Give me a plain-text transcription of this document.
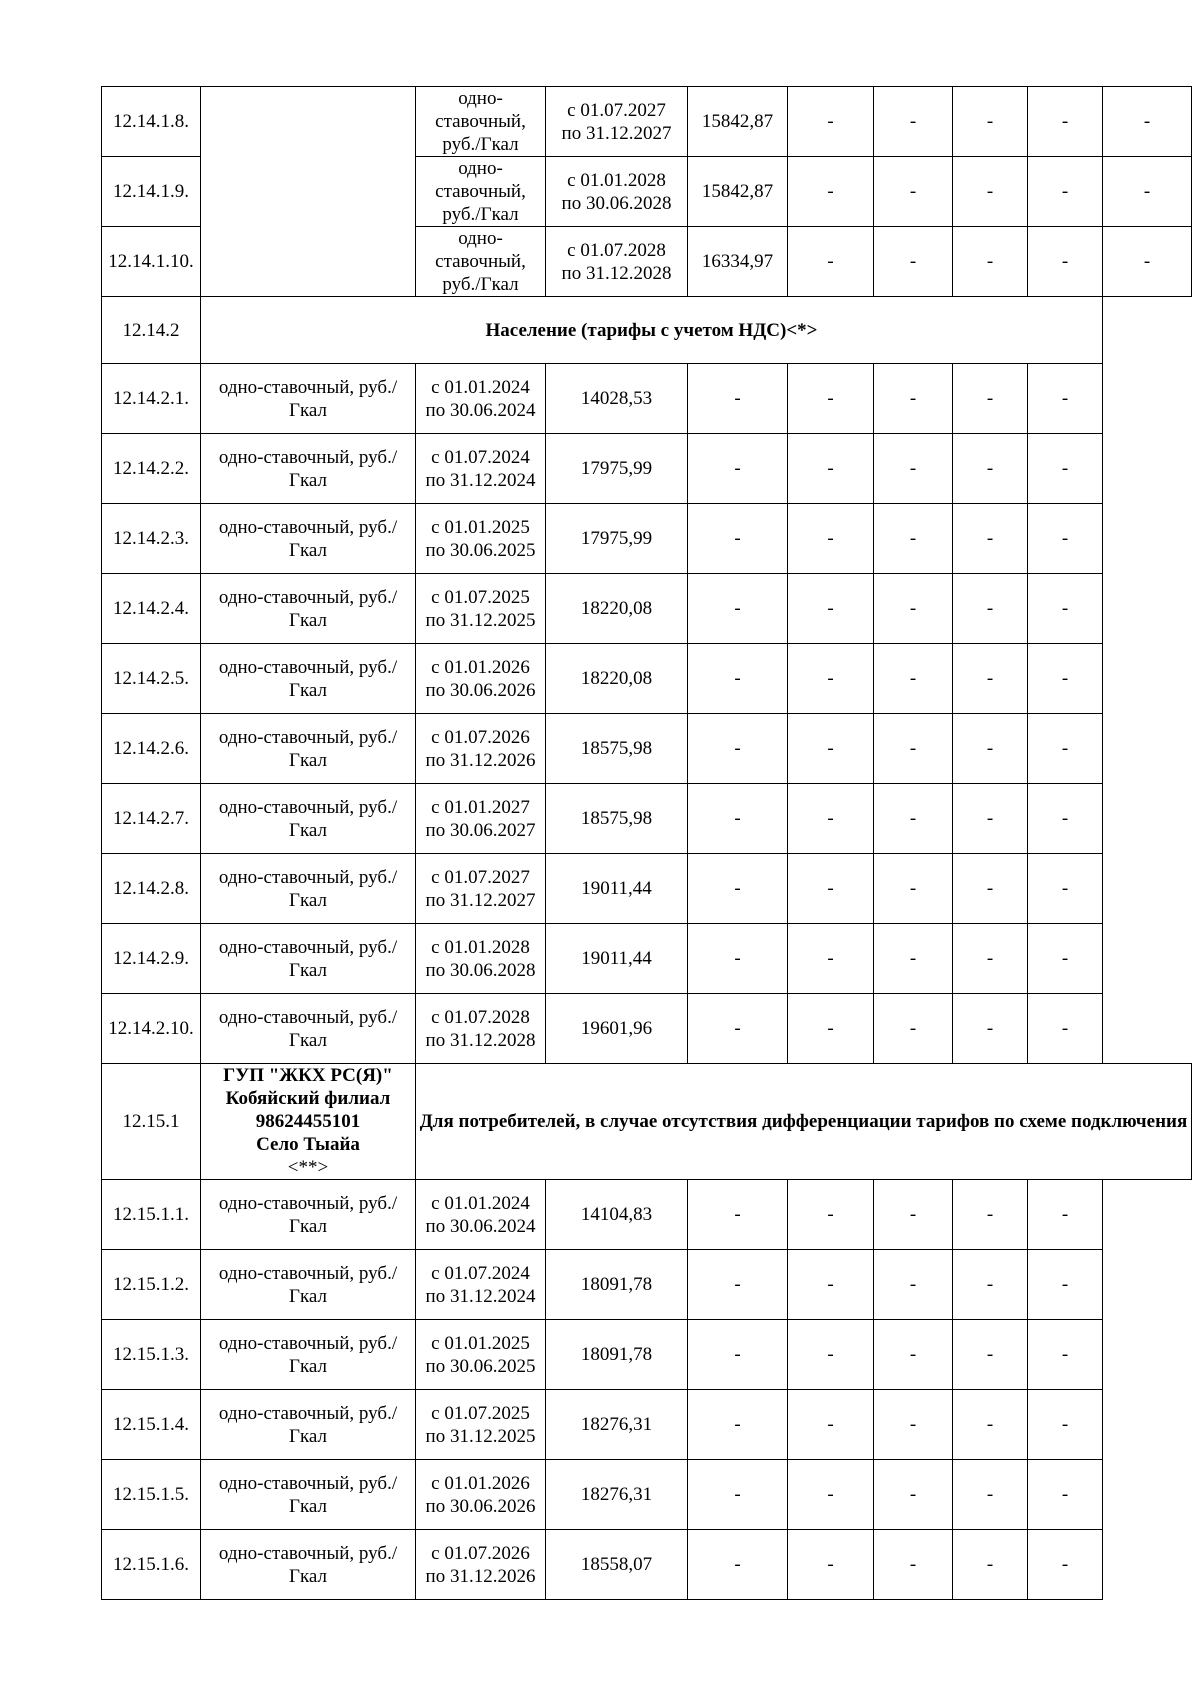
12.14.1.8.		одно-ставочный, руб./Гкал	с 01.07.2027
по 31.12.2027	15842,87	-	-	-	-	-
12.14.1.9.		одно-ставочный, руб./Гкал	с 01.01.2028
по 30.06.2028	15842,87	-	-	-	-	-
12.14.1.10.		одно-ставочный, руб./Гкал	с 01.07.2028
по 31.12.2028	16334,97	-	-	-	-	-
12.14.2	Население (тарифы с учетом НДС)<*>								
12.14.2.1.	одно-ставочный, руб./Гкал	с 01.01.2024
по 30.06.2024	14028,53	-	-	-	-	-	
12.14.2.2.	одно-ставочный, руб./Гкал	с 01.07.2024
по 31.12.2024	17975,99	-	-	-	-	-	
12.14.2.3.	одно-ставочный, руб./Гкал	с 01.01.2025
по 30.06.2025	17975,99	-	-	-	-	-	
12.14.2.4.	одно-ставочный, руб./Гкал	с 01.07.2025
по 31.12.2025	18220,08	-	-	-	-	-	
12.14.2.5.	одно-ставочный, руб./Гкал	с 01.01.2026
по 30.06.2026	18220,08	-	-	-	-	-	
12.14.2.6.	одно-ставочный, руб./Гкал	с 01.07.2026
по 31.12.2026	18575,98	-	-	-	-	-	
12.14.2.7.	одно-ставочный, руб./Гкал	с 01.01.2027
по 30.06.2027	18575,98	-	-	-	-	-	
12.14.2.8.	одно-ставочный, руб./Гкал	с 01.07.2027
по 31.12.2027	19011,44	-	-	-	-	-	
12.14.2.9.	одно-ставочный, руб./Гкал	с 01.01.2028
по 30.06.2028	19011,44	-	-	-	-	-	
12.14.2.10.	одно-ставочный, руб./Гкал	с 01.07.2028
по 31.12.2028	19601,96	-	-	-	-	-	
12.15.1	ГУП "ЖКХ РС(Я)"
Кобяйский филиал
98624455101
Село Тыайа
<**>	Для потребителей, в случае отсутствия дифференциации тарифов по схеме подключения							
12.15.1.1.	одно-ставочный, руб./Гкал	с 01.01.2024
по 30.06.2024	14104,83	-	-	-	-	-	
12.15.1.2.	одно-ставочный, руб./Гкал	с 01.07.2024
по 31.12.2024	18091,78	-	-	-	-	-	
12.15.1.3.	одно-ставочный, руб./Гкал	с 01.01.2025
по 30.06.2025	18091,78	-	-	-	-	-	
12.15.1.4.	одно-ставочный, руб./Гкал	с 01.07.2025
по 31.12.2025	18276,31	-	-	-	-	-	
12.15.1.5.	одно-ставочный, руб./Гкал	с 01.01.2026
по 30.06.2026	18276,31	-	-	-	-	-	
12.15.1.6.	одно-ставочный, руб./Гкал	с 01.07.2026
по 31.12.2026	18558,07	-	-	-	-	-	
